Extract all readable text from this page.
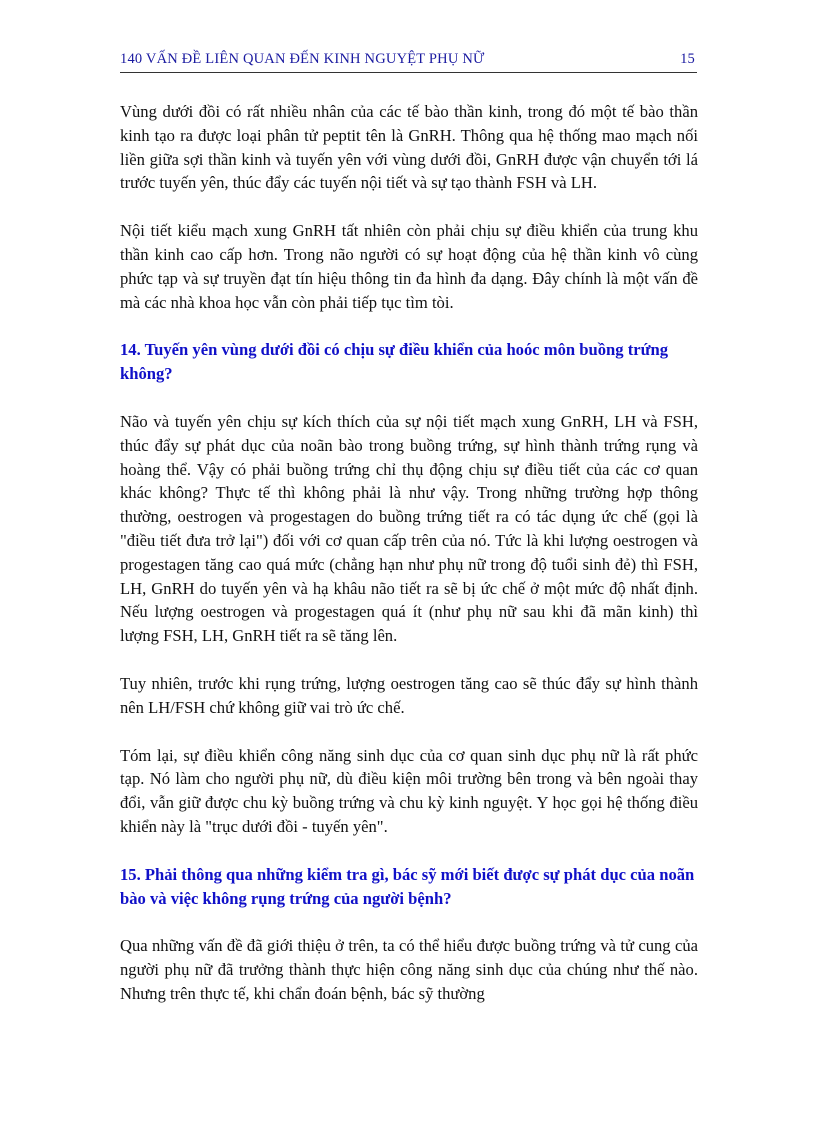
140 VẤN ĐỀ LIÊN QUAN ĐẾN KINH NGUYỆT PHỤ NỮ	15

Vùng dưới đồi có rất nhiều nhân của các tế bào thần kinh, trong đó một tế bào thần kinh tạo ra được loại phân tử peptit tên là GnRH. Thông qua hệ thống mao mạch nối liền giữa sợi thần kinh và tuyến yên với vùng dưới đồi, GnRH được vận chuyển tới lá trước tuyến yên, thúc đẩy các tuyến nội tiết và sự tạo thành FSH và LH.

Nội tiết kiểu mạch xung GnRH tất nhiên còn phải chịu sự điều khiển của trung khu thần kinh cao cấp hơn. Trong não người có sự hoạt động của hệ thần kinh vô cùng phức tạp và sự truyền đạt tín hiệu thông tin đa hình đa dạng. Đây chính là một vấn đề mà các nhà khoa học vẫn còn phải tiếp tục tìm tòi.

14. Tuyến yên vùng dưới đồi có chịu sự điều khiển của hoóc môn buồng trứng không?

Não và tuyến yên chịu sự kích thích của sự nội tiết mạch xung GnRH, LH và FSH, thúc đẩy sự phát dục của noãn bào trong buồng trứng, sự hình thành trứng rụng và hoàng thể. Vậy có phải buồng trứng chỉ thụ động chịu sự điều tiết của các cơ quan khác không? Thực tế thì không phải là như vậy. Trong những trường hợp thông thường, oestrogen và progestagen do buồng trứng tiết ra có tác dụng ức chế (gọi là "điều tiết đưa trở lại") đối với cơ quan cấp trên của nó. Tức là khi lượng oestrogen và progestagen tăng cao quá mức (chẳng hạn như phụ nữ trong độ tuổi sinh đẻ) thì FSH, LH, GnRH do tuyến yên và hạ khâu não tiết ra sẽ bị ức chế ở một mức độ nhất định. Nếu lượng oestrogen và progestagen quá ít (như phụ nữ sau khi đã mãn kinh) thì lượng FSH, LH, GnRH tiết ra sẽ tăng lên.

Tuy nhiên, trước khi rụng trứng, lượng oestrogen tăng cao sẽ thúc đẩy sự hình thành nên LH/FSH chứ không giữ vai trò ức chế.

Tóm lại, sự điều khiển công năng sinh dục của cơ quan sinh dục phụ nữ là rất phức tạp. Nó làm cho người phụ nữ, dù điều kiện môi trường bên trong và bên ngoài thay đổi, vẫn giữ được chu kỳ buồng trứng và chu kỳ kinh nguyệt. Y học gọi hệ thống điều khiển này là "trục dưới đồi - tuyến yên".

15. Phải thông qua những kiểm tra gì, bác sỹ mới biết được sự phát dục của noãn bào và việc không rụng trứng của người bệnh?

Qua những vấn đề đã giới thiệu ở trên, ta có thể hiểu được buồng trứng và tử cung của người phụ nữ đã trưởng thành thực hiện công năng sinh dục của chúng như thế nào. Nhưng trên thực tế, khi chẩn đoán bệnh, bác sỹ thường
